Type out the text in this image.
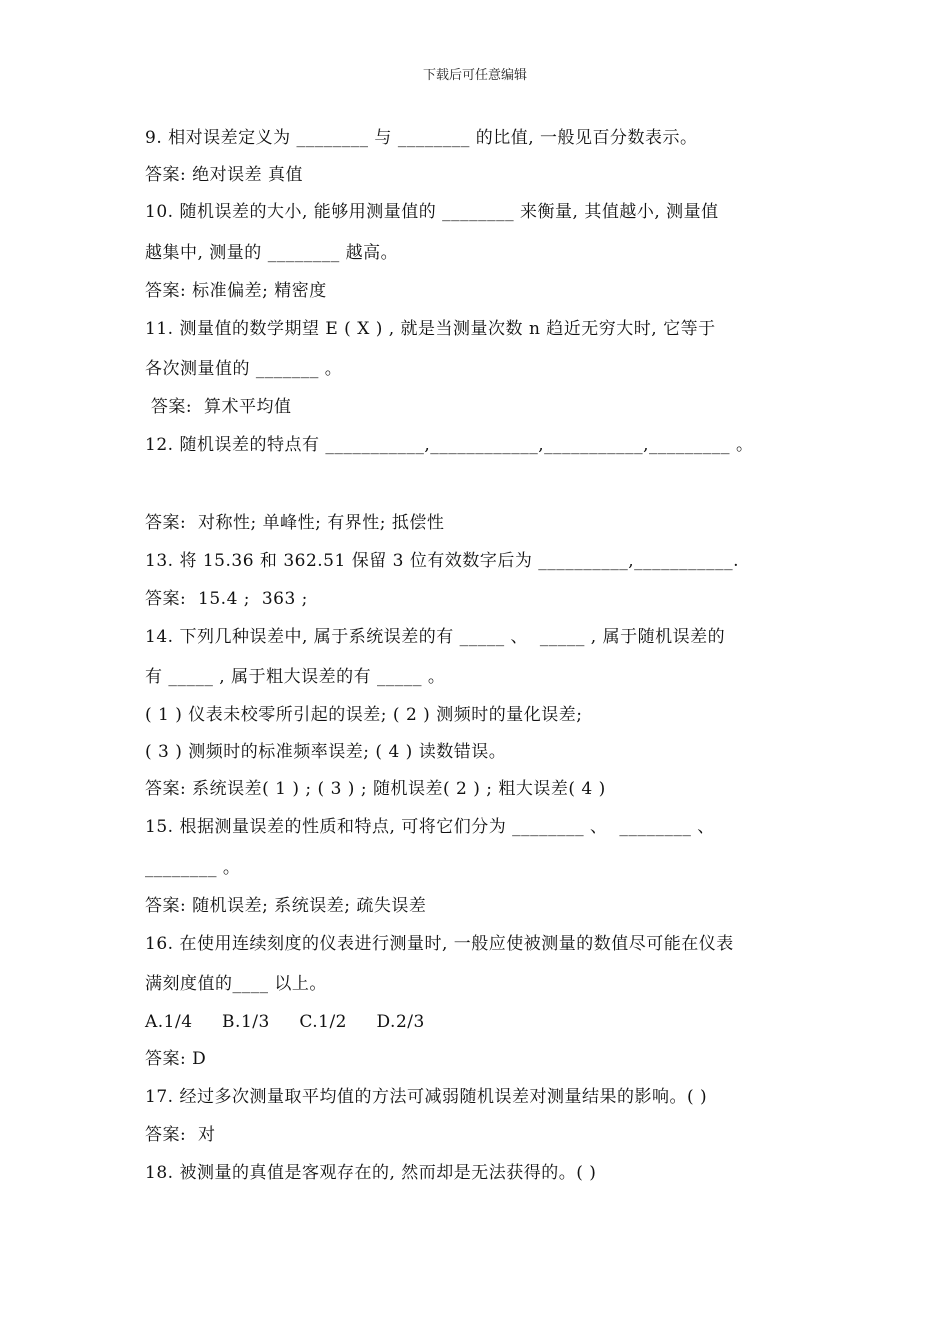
下载后可任意编辑
9. 相对误差定义为 ________ 与 ________ 的比值, 一般见百分数表示。
答案: 绝对误差 真值
10. 随机误差的大小, 能够用测量值的 ________ 来衡量, 其值越小, 测量值
越集中, 测量的 ________ 越高。
答案: 标准偏差; 精密度
11. 测量值的数学期望 E ( X ) , 就是当测量次数 n 趋近无穷大时, 它等于
各次测量值的 _______ 。
答案:  算术平均值
12. 随机误差的特点有 ___________,____________,___________,_________ 。
答案:  对称性; 单峰性; 有界性; 抵偿性
13. 将 15.36 和 362.51 保留 3 位有效数字后为 __________,___________.
答案:  15.4 ;  363 ;
14. 下列几种误差中, 属于系统误差的有 _____ 、  _____ , 属于随机误差的
有 _____ , 属于粗大误差的有 _____ 。
( 1 ) 仪表未校零所引起的误差; ( 2 ) 测频时的量化误差;
( 3 ) 测频时的标准频率误差; ( 4 ) 读数错误。
答案: 系统误差( 1 ) ; ( 3 ) ; 随机误差( 2 ) ; 粗大误差( 4 )
15. 根据测量误差的性质和特点, 可将它们分为 ________ 、  ________ 、
________ 。
答案: 随机误差; 系统误差; 疏失误差
16. 在使用连续刻度的仪表进行测量时, 一般应使被测量的数值尽可能在仪表
满刻度值的____ 以上。
A.1/4     B.1/3     C.1/2     D.2/3
答案: D
17. 经过多次测量取平均值的方法可减弱随机误差对测量结果的影响。( )
答案:  对
18. 被测量的真值是客观存在的, 然而却是无法获得的。( )
